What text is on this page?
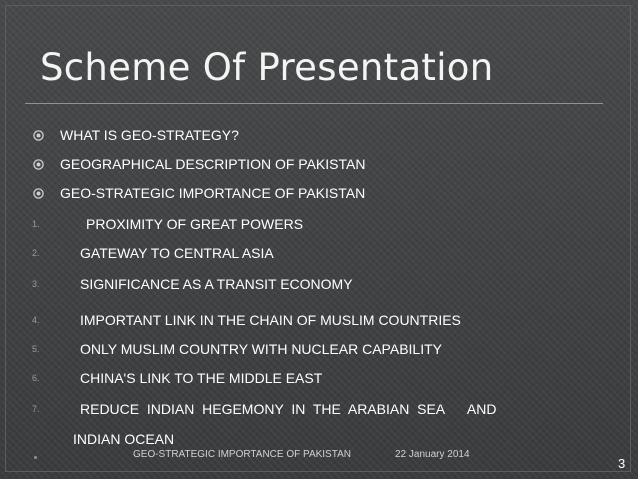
Scheme Of Presentation
WHAT IS GEO-STRATEGY?
GEOGRAPHICAL DESCRIPTION OF PAKISTAN
GEO-STRATEGIC IMPORTANCE OF PAKISTAN
1.	PROXIMITY OF GREAT POWERS
2.	GATEWAY TO CENTRAL ASIA
3.	SIGNIFICANCE AS A TRANSIT ECONOMY
4.	IMPORTANT LINK IN THE CHAIN OF MUSLIM COUNTRIES
5.	ONLY MUSLIM COUNTRY WITH NUCLEAR CAPABILITY
6.	CHINA'S LINK TO THE MIDDLE EAST
7.	REDUCE  INDIAN  HEGEMONY  IN  THE  ARABIAN  SEA      AND
INDIAN OCEAN
GEO-STRATEGIC IMPORTANCE OF PAKISTAN	22 January 2014
3
